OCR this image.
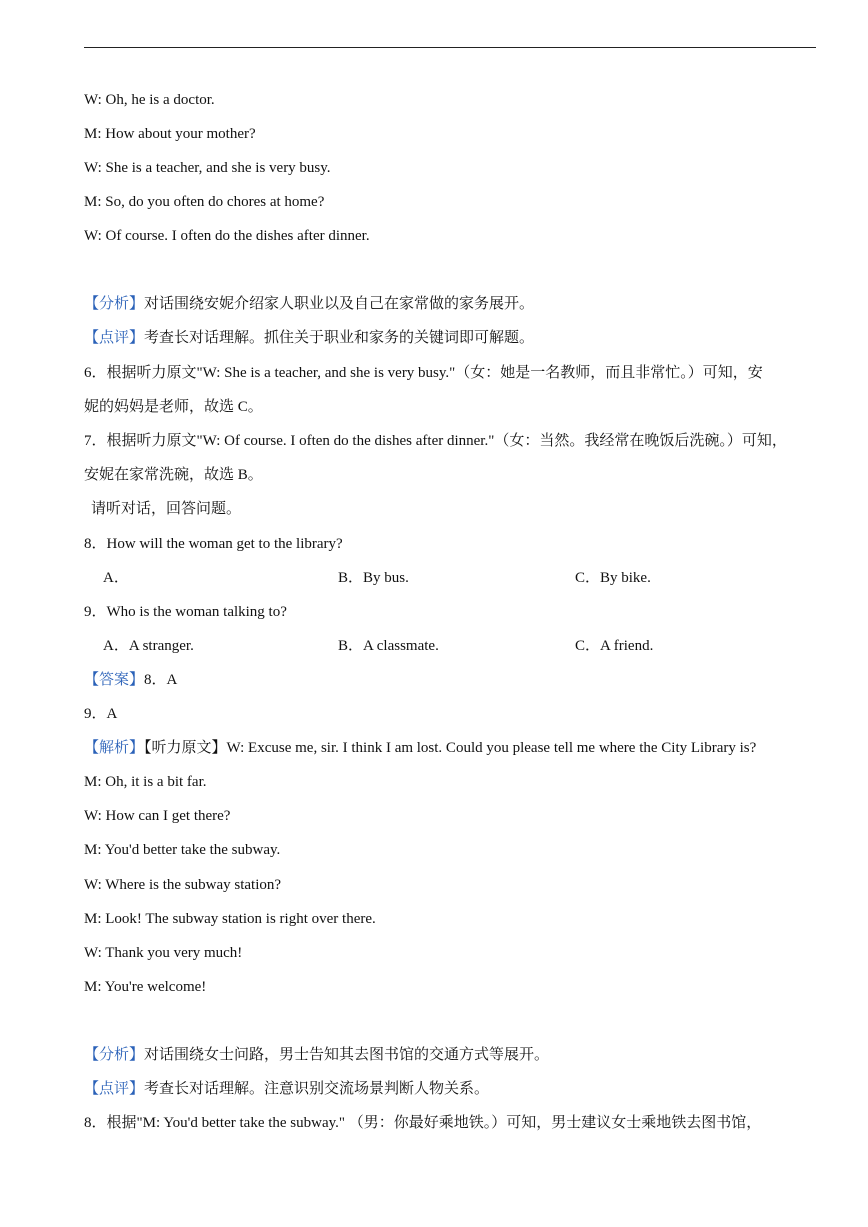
W: Oh, he is a doctor.
M: How about your mother?
W: She is a teacher, and she is very busy.
M: So, do you often do chores at home?
W: Of course. I often do the dishes after dinner.
【分析】对话围绕安妮介绍家人职业以及自己在家常做的家务展开。
【点评】考查长对话理解。抓住关于职业和家务的关键词即可解题。
6．根据听力原文"W: She is a teacher, and she is very busy."（女：她是一名教师，而且非常忙。）可知，安
妮的妈妈是老师，故选 C。
7．根据听力原文"W: Of course. I often do the dishes after dinner."（女：当然。我经常在晚饭后洗碗。）可知，
安妮在家常洗碗，故选 B。
请听对话，回答问题。
8．How will the woman get to the library?
A．	B．By bus.	C．By bike.
9．Who is the woman talking to?
A．A stranger.	B．A classmate.	C．A friend.
【答案】8．A
9．A
【解析】【听力原文】W: Excuse me, sir. I think I am lost. Could you please tell me where the City Library is?
M: Oh, it is a bit far.
W: How can I get there?
M: You'd better take the subway.
W: Where is the subway station?
M: Look! The subway station is right over there.
W: Thank you very much!
M: You're welcome!
【分析】对话围绕女士问路，男士告知其去图书馆的交通方式等展开。
【点评】考查长对话理解。注意识别交流场景判断人物关系。
8．根据"M: You'd better take the subway." （男：你最好乘地铁。）可知，男士建议女士乘地铁去图书馆，
